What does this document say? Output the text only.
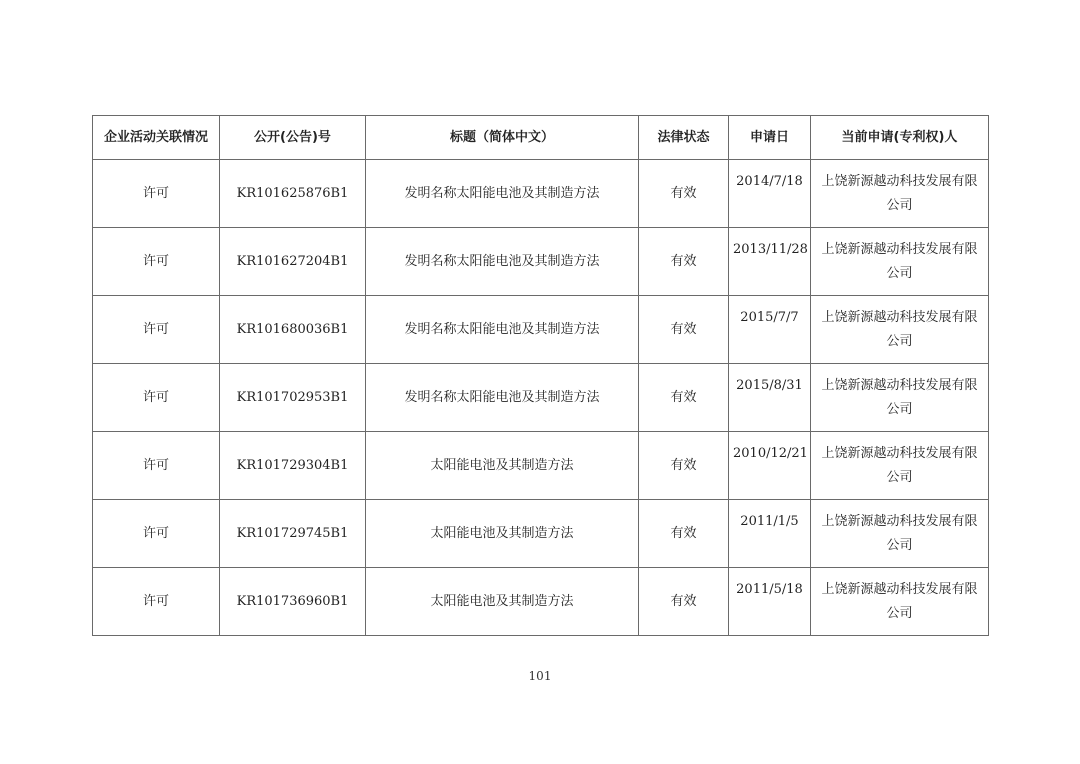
企业活动关联情况	公开(公告)号	标题（简体中文）	法律状态	申请日	当前申请(专利权)人
许可	KR101625876B1	发明名称太阳能电池及其制造方法	有效	2014/7/18	上饶新源越动科技发展有限公司
许可	KR101627204B1	发明名称太阳能电池及其制造方法	有效	2013/11/28	上饶新源越动科技发展有限公司
许可	KR101680036B1	发明名称太阳能电池及其制造方法	有效	2015/7/7	上饶新源越动科技发展有限公司
许可	KR101702953B1	发明名称太阳能电池及其制造方法	有效	2015/8/31	上饶新源越动科技发展有限公司
许可	KR101729304B1	太阳能电池及其制造方法	有效	2010/12/21	上饶新源越动科技发展有限公司
许可	KR101729745B1	太阳能电池及其制造方法	有效	2011/1/5	上饶新源越动科技发展有限公司
许可	KR101736960B1	太阳能电池及其制造方法	有效	2011/5/18	上饶新源越动科技发展有限公司
101
